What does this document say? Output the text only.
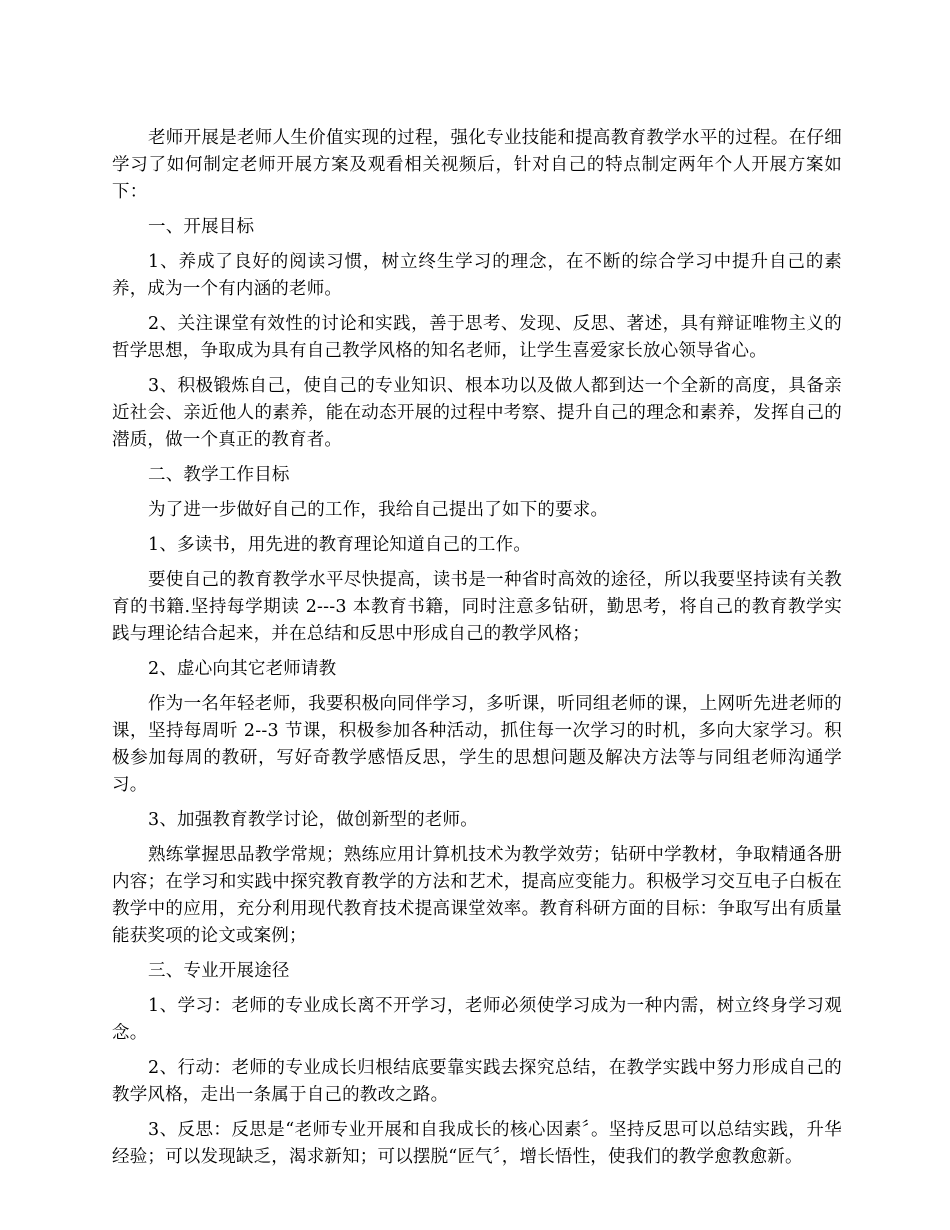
老师开展是老师人生价值实现的过程，强化专业技能和提高教育教学水平的过程。在仔细学习了如何制定老师开展方案及观看相关视频后，针对自己的特点制定两年个人开展方案如下：

一、开展目标

1、养成了良好的阅读习惯，树立终生学习的理念，在不断的综合学习中提升自己的素养，成为一个有内涵的老师。

2、关注课堂有效性的讨论和实践，善于思考、发现、反思、著述，具有辩证唯物主义的哲学思想，争取成为具有自己教学风格的知名老师，让学生喜爱家长放心领导省心。

3、积极锻炼自己，使自己的专业知识、根本功以及做人都到达一个全新的高度，具备亲近社会、亲近他人的素养，能在动态开展的过程中考察、提升自己的理念和素养，发挥自己的潜质，做一个真正的教育者。

二、教学工作目标

为了进一步做好自己的工作，我给自己提出了如下的要求。

1、多读书，用先进的教育理论知道自己的工作。

要使自己的教育教学水平尽快提高，读书是一种省时高效的途径，所以我要坚持读有关教育的书籍.坚持每学期读 2---3 本教育书籍，同时注意多钻研，勤思考，将自己的教育教学实践与理论结合起来，并在总结和反思中形成自己的教学风格；

2、虚心向其它老师请教

作为一名年轻老师，我要积极向同伴学习，多听课，听同组老师的课，上网听先进老师的课，坚持每周听 2--3 节课，积极参加各种活动，抓住每一次学习的时机，多向大家学习。积极参加每周的教研，写好奇教学感悟反思，学生的思想问题及解决方法等与同组老师沟通学习。

3、加强教育教学讨论，做创新型的老师。

熟练掌握思品教学常规；熟练应用计算机技术为教学效劳；钻研中学教材，争取精通各册内容；在学习和实践中探究教育教学的方法和艺术，提高应变能力。积极学习交互电子白板在教学中的应用，充分利用现代教育技术提高课堂效率。教育科研方面的目标：争取写出有质量能获奖项的论文或案例；

三、专业开展途径

1、学习：老师的专业成长离不开学习，老师必须使学习成为一种内需，树立终身学习观念。

2、行动：老师的专业成长归根结底要靠实践去探究总结，在教学实践中努力形成自己的教学风格，走出一条属于自己的教改之路。

3、反思：反思是“老师专业开展和自我成长的核心因素〞。坚持反思可以总结实践，升华经验；可以发现缺乏，渴求新知；可以摆脱“匠气〞，增长悟性，使我们的教学愈教愈新。
